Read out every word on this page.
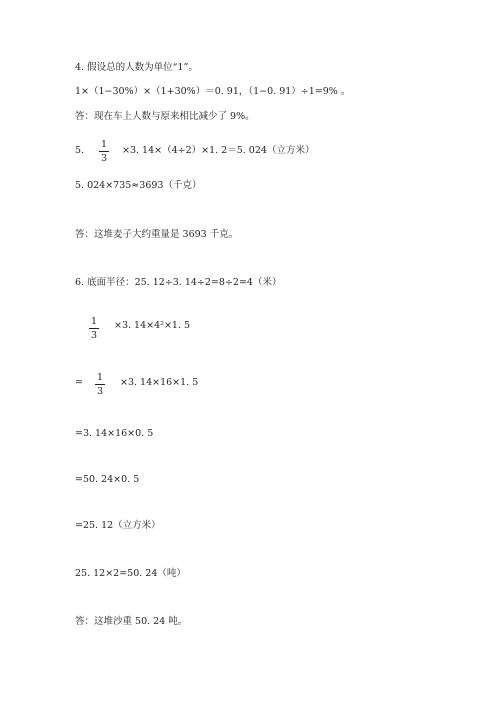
4. 假设总的人数为单位“1”。
1×（1−30%）×（1+30%）＝0. 91，（1−0. 91）÷1=9% 。
答：现在车上人数与原来相比减少了 9%。
5.
1
3
×3. 14×（4÷2）×1. 2＝5. 024（立方米）
5. 024×735≈3693（千克）
答：这堆麦子大约重量是 3693 千克。
6. 底面半径：25. 12÷3. 14÷2=8÷2=4（米）
1
3
×3. 14×4²×1. 5
= 1
3
×3. 14×16×1. 5
=3. 14×16×0. 5
=50. 24×0. 5
=25. 12（立方米）
25. 12×2=50. 24（吨）
答：这堆沙重 50. 24 吨。
